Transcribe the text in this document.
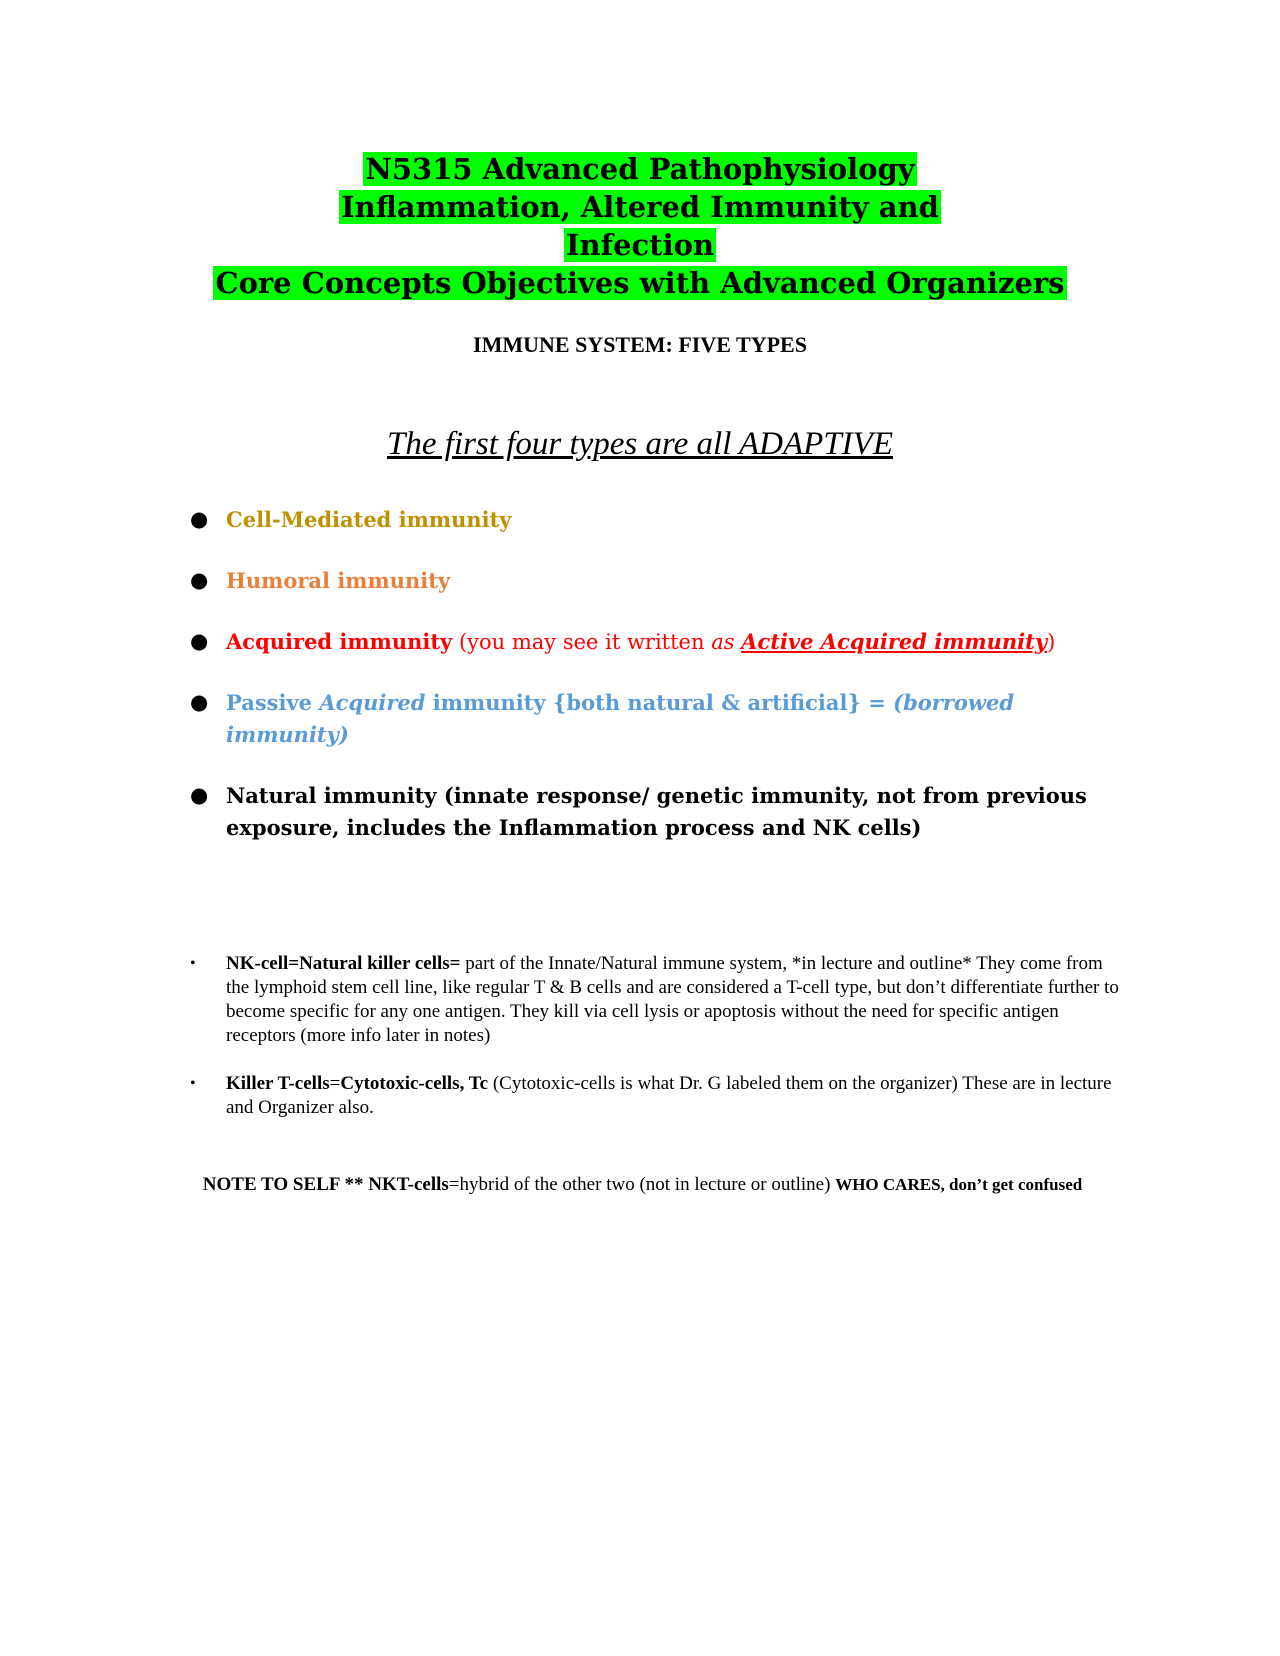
N5315 Advanced Pathophysiology
Inflammation, Altered Immunity and
Infection
Core Concepts Objectives with Advanced Organizers
IMMUNE SYSTEM: FIVE TYPES
The first four types are all ADAPTIVE
● Cell-Mediated immunity
● Humoral immunity
● Acquired immunity (you may see it written as Active Acquired immunity)
● Passive Acquired immunity {both natural & artificial} = (borrowed immunity)
● Natural immunity (innate response/ genetic immunity, not from previous exposure, includes the Inflammation process and NK cells)
• NK-cell=Natural killer cells= part of the Innate/Natural immune system, *in lecture and outline* They come from the lymphoid stem cell line, like regular T & B cells and are considered a T-cell type, but don’t differentiate further to become specific for any one antigen. They kill via cell lysis or apoptosis without the need for specific antigen receptors (more info later in notes)
• Killer T-cells=Cytotoxic-cells, Tc (Cytotoxic-cells is what Dr. G labeled them on the organizer) These are in lecture and Organizer also.
NOTE TO SELF ** NKT-cells=hybrid of the other two (not in lecture or outline) WHO CARES, don’t get confused
